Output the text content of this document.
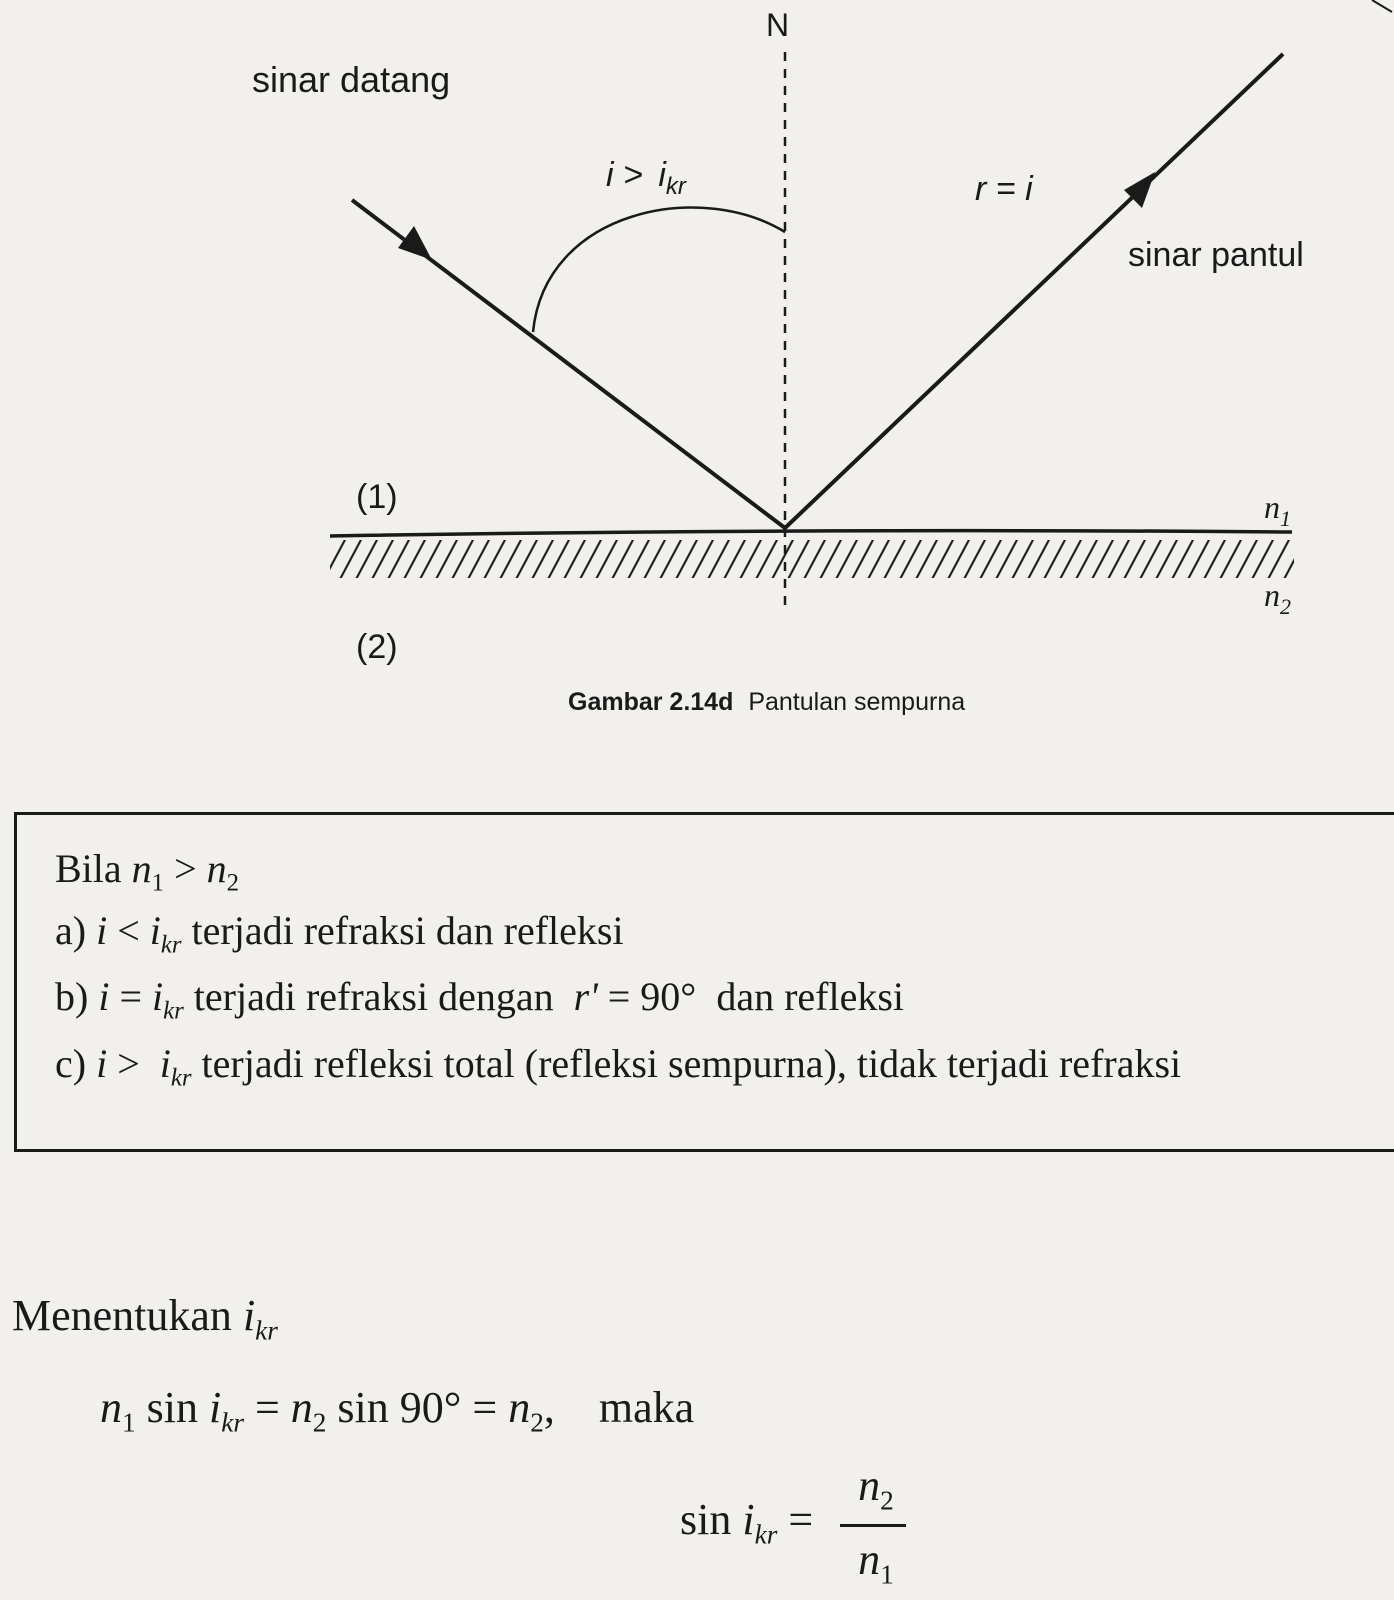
N
sinar datang
$i > i_{kr}$	r = i
sinar pantul
(1)
(2)
$n_1$
$n_2$
Gambar 2.14d Pantulan sempurna
Bila $n_1 > n_2$
a) $i < i_{kr}$ terjadi refraksi dan refleksi
b) $i = i_{kr}$ terjadi refraksi dengan r' = 90° dan refleksi
c) $i > i_{kr}$ terjadi refleksi total (refleksi sempurna), tidak terjadi refraksi
Menentukan $i_{kr}$
$n_1$ $\sin i_{kr} = n_2$ $\sin 90^\circ = n_2$, maka
$\sin i_{kr}$ =
$n_2$
$n_1$
